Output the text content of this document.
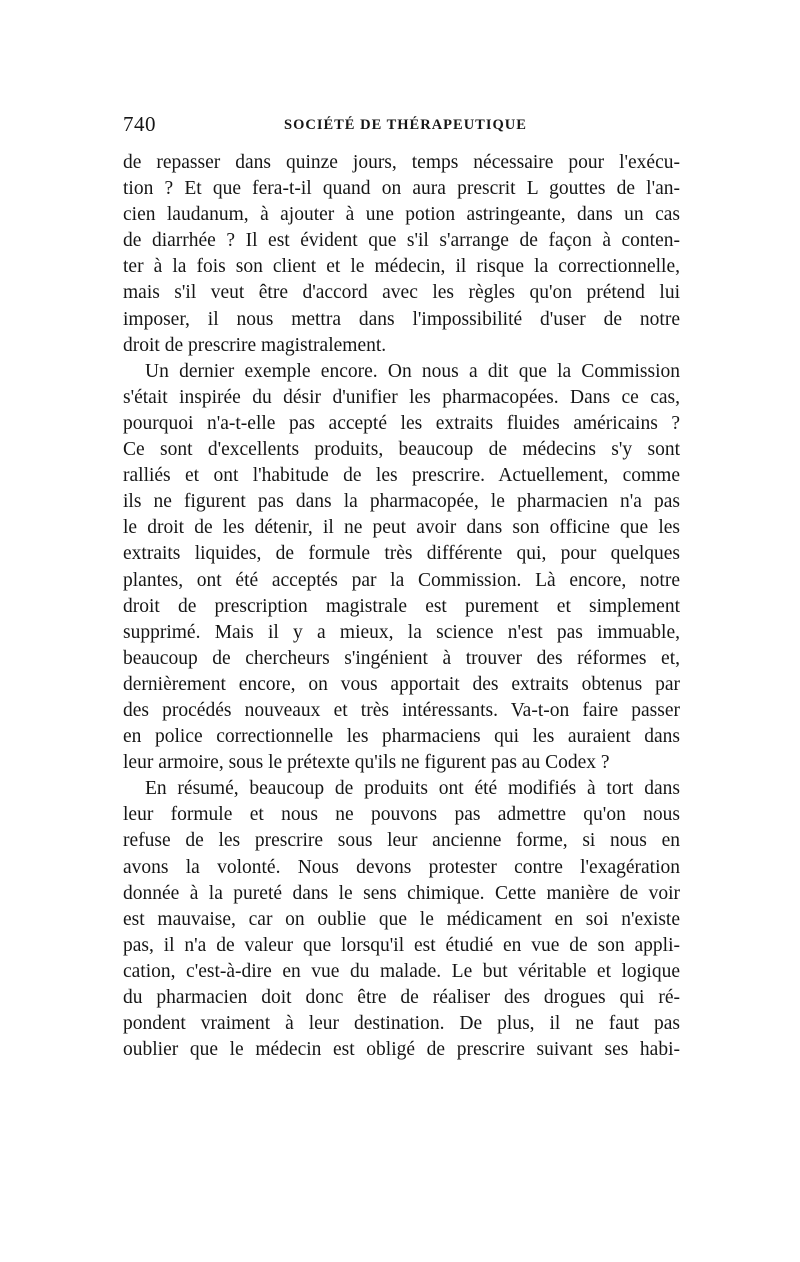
740	SOCIÉTÉ DE THÉRAPEUTIQUE
de repasser dans quinze jours, temps nécessaire pour l'exécu-
tion ? Et que fera-t-il quand on aura prescrit L gouttes de l'an-
cien laudanum, à ajouter à une potion astringeante, dans un cas
de diarrhée ? Il est évident que s'il s'arrange de façon à conten-
ter à la fois son client et le médecin, il risque la correctionnelle,
mais s'il veut être d'accord avec les règles qu'on prétend lui
imposer, il nous mettra dans l'impossibilité d'user de notre
droit de prescrire magistralement.
Un dernier exemple encore. On nous a dit que la Commission
s'était inspirée du désir d'unifier les pharmacopées. Dans ce cas,
pourquoi n'a-t-elle pas accepté les extraits fluides américains ?
Ce sont d'excellents produits, beaucoup de médecins s'y sont
ralliés et ont l'habitude de les prescrire. Actuellement, comme
ils ne figurent pas dans la pharmacopée, le pharmacien n'a pas
le droit de les détenir, il ne peut avoir dans son officine que les
extraits liquides, de formule très différente qui, pour quelques
plantes, ont été acceptés par la Commission. Là encore, notre
droit de prescription magistrale est purement et simplement
supprimé. Mais il y a mieux, la science n'est pas immuable,
beaucoup de chercheurs s'ingénient à trouver des réformes et,
dernièrement encore, on vous apportait des extraits obtenus par
des procédés nouveaux et très intéressants. Va-t-on faire passer
en police correctionnelle les pharmaciens qui les auraient dans
leur armoire, sous le prétexte qu'ils ne figurent pas au Codex ?
En résumé, beaucoup de produits ont été modifiés à tort dans
leur formule et nous ne pouvons pas admettre qu'on nous
refuse de les prescrire sous leur ancienne forme, si nous en
avons la volonté. Nous devons protester contre l'exagération
donnée à la pureté dans le sens chimique. Cette manière de voir
est mauvaise, car on oublie que le médicament en soi n'existe
pas, il n'a de valeur que lorsqu'il est étudié en vue de son appli-
cation, c'est-à-dire en vue du malade. Le but véritable et logique
du pharmacien doit donc être de réaliser des drogues qui ré-
pondent vraiment à leur destination. De plus, il ne faut pas
oublier que le médecin est obligé de prescrire suivant ses habi-
